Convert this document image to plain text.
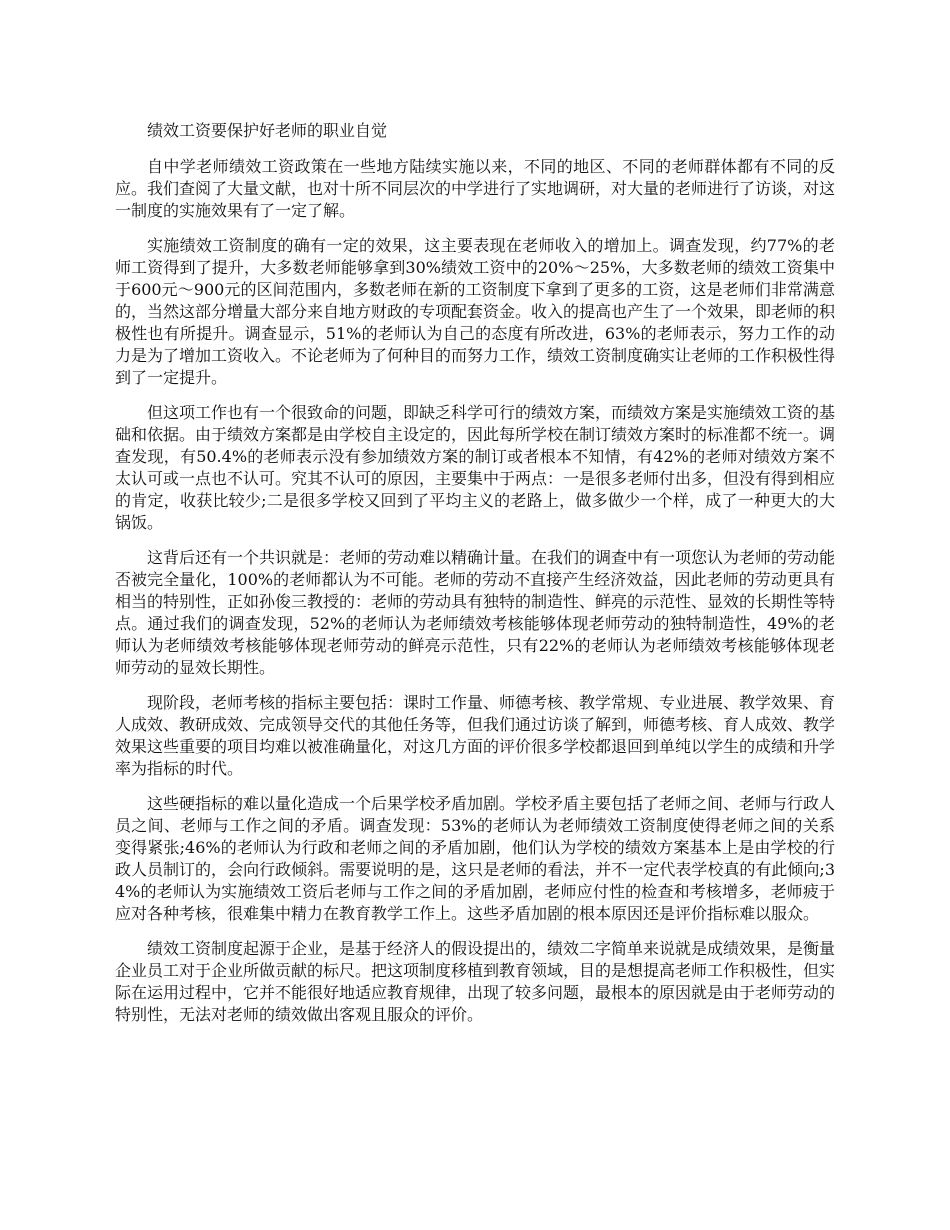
绩效工资要保护好老师的职业自觉

自中学老师绩效工资政策在一些地方陆续实施以来，不同的地区、不同的老师群体都有不同的反应。我们查阅了大量文献，也对十所不同层次的中学进行了实地调研，对大量的老师进行了访谈，对这一制度的实施效果有了一定了解。

实施绩效工资制度的确有一定的效果，这主要表现在老师收入的增加上。调查发现，约77%的老师工资得到了提升，大多数老师能够拿到30%绩效工资中的20%～25%，大多数老师的绩效工资集中于600元～900元的区间范围内，多数老师在新的工资制度下拿到了更多的工资，这是老师们非常满意的，当然这部分增量大部分来自地方财政的专项配套资金。收入的提高也产生了一个效果，即老师的积极性也有所提升。调查显示，51%的老师认为自己的态度有所改进，63%的老师表示，努力工作的动力是为了增加工资收入。不论老师为了何种目的而努力工作，绩效工资制度确实让老师的工作积极性得到了一定提升。

但这项工作也有一个很致命的问题，即缺乏科学可行的绩效方案，而绩效方案是实施绩效工资的基础和依据。由于绩效方案都是由学校自主设定的，因此每所学校在制订绩效方案时的标准都不统一。调查发现，有50.4%的老师表示没有参加绩效方案的制订或者根本不知情，有42%的老师对绩效方案不太认可或一点也不认可。究其不认可的原因，主要集中于两点：一是很多老师付出多，但没有得到相应的肯定，收获比较少;二是很多学校又回到了平均主义的老路上，做多做少一个样，成了一种更大的大锅饭。

这背后还有一个共识就是：老师的劳动难以精确计量。在我们的调查中有一项您认为老师的劳动能否被完全量化，100%的老师都认为不可能。老师的劳动不直接产生经济效益，因此老师的劳动更具有相当的特别性，正如孙俊三教授的：老师的劳动具有独特的制造性、鲜亮的示范性、显效的长期性等特点。通过我们的调查发现，52%的老师认为老师绩效考核能够体现老师劳动的独特制造性，49%的老师认为老师绩效考核能够体现老师劳动的鲜亮示范性，只有22%的老师认为老师绩效考核能够体现老师劳动的显效长期性。

现阶段，老师考核的指标主要包括：课时工作量、师德考核、教学常规、专业进展、教学效果、育人成效、教研成效、完成领导交代的其他任务等，但我们通过访谈了解到，师德考核、育人成效、教学效果这些重要的项目均难以被准确量化，对这几方面的评价很多学校都退回到单纯以学生的成绩和升学率为指标的时代。

这些硬指标的难以量化造成一个后果学校矛盾加剧。学校矛盾主要包括了老师之间、老师与行政人员之间、老师与工作之间的矛盾。调查发现：53%的老师认为老师绩效工资制度使得老师之间的关系变得紧张;46%的老师认为行政和老师之间的矛盾加剧，他们认为学校的绩效方案基本上是由学校的行政人员制订的，会向行政倾斜。需要说明的是，这只是老师的看法，并不一定代表学校真的有此倾向;34%的老师认为实施绩效工资后老师与工作之间的矛盾加剧，老师应付性的检查和考核增多，老师疲于应对各种考核，很难集中精力在教育教学工作上。这些矛盾加剧的根本原因还是评价指标难以服众。

绩效工资制度起源于企业，是基于经济人的假设提出的，绩效二字简单来说就是成绩效果，是衡量企业员工对于企业所做贡献的标尺。把这项制度移植到教育领域，目的是想提高老师工作积极性，但实际在运用过程中，它并不能很好地适应教育规律，出现了较多问题，最根本的原因就是由于老师劳动的特别性，无法对老师的绩效做出客观且服众的评价。
